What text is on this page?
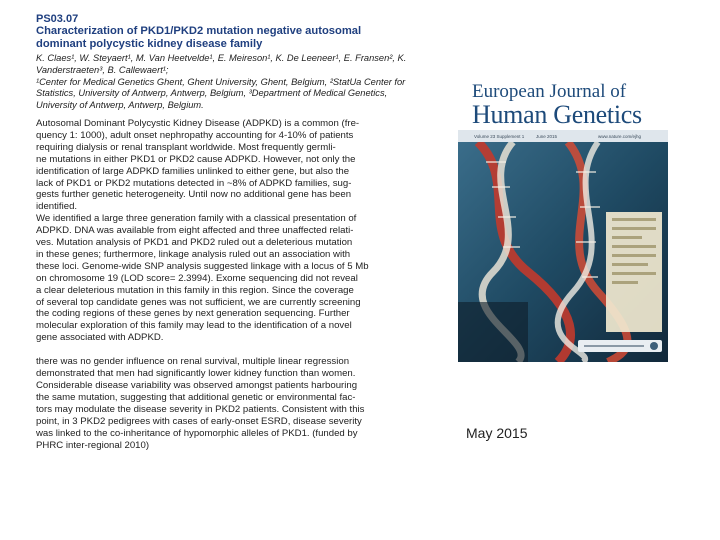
PS03.07
Characterization of PKD1/PKD2 mutation negative autosomal
dominant polycystic kidney disease family
K. Claes¹, W. Steyaert¹, M. Van Heetvelde¹, E. Meireson¹, K. De Leeneer¹, E. Fransen², K.
Vanderstraeten³, B. Callewaert¹;
¹Center for Medical Genetics Ghent, Ghent University, Ghent, Belgium, ²StatUa Center for
Statistics, University of Antwerp, Antwerp, Belgium, ³Department of Medical Genetics,
University of Antwerp, Antwerp, Belgium.

Autosomal Dominant Polycystic Kidney Disease (ADPKD) is a common (fre-

quency 1: 1000), adult onset nephropathy accounting for 4-10% of patients

requiring dialysis or renal transplant worldwide. Most frequently germli-

ne mutations in either PKD1 or PKD2 cause ADPKD. However, not only the

identification of large ADPKD families unlinked to either gene, but also the

lack of PKD1 or PKD2 mutations detected in ~8% of ADPKD families, sug-

gests further genetic heterogeneity. Until now no additional gene has been

identified.

We identified a large three generation family with a classical presentation of

ADPKD. DNA was available from eight affected and three unaffected relati-

ves. Mutation analysis of PKD1 and PKD2 ruled out a deleterious mutation

in these genes; furthermore, linkage analysis ruled out an association with

these loci. Genome-wide SNP analysis suggested linkage with a locus of 5 Mb

on chromosome 19 (LOD score= 2.3994). Exome sequencing did not reveal

a clear deleterious mutation in this family in this region. Since the coverage

of several top candidate genes was not sufficient, we are currently screening

the coding regions of these genes by next generation sequencing. Further

molecular exploration of this family may lead to the identification of a novel

gene associated with ADPKD.

there was no gender influence on renal survival, multiple linear regression

demonstrated that men had significantly lower kidney function than women.

Considerable disease variability was observed amongst patients harbouring

the same mutation, suggesting that additional genetic or environmental fac-

tors may modulate the disease severity in PKD2 patients. Consistent with this

point, in 3 PKD2 pedigrees with cases of early-onset ESRD, disease severity

was linked to the co-inheritance of hypomorphic alleles of PKD1. (funded by

PHRC inter-regional 2010)

European Journal of
Human Genetics
Volume 23 Supplement 1	June 2015	www.nature.com/ejhg
May 2015
